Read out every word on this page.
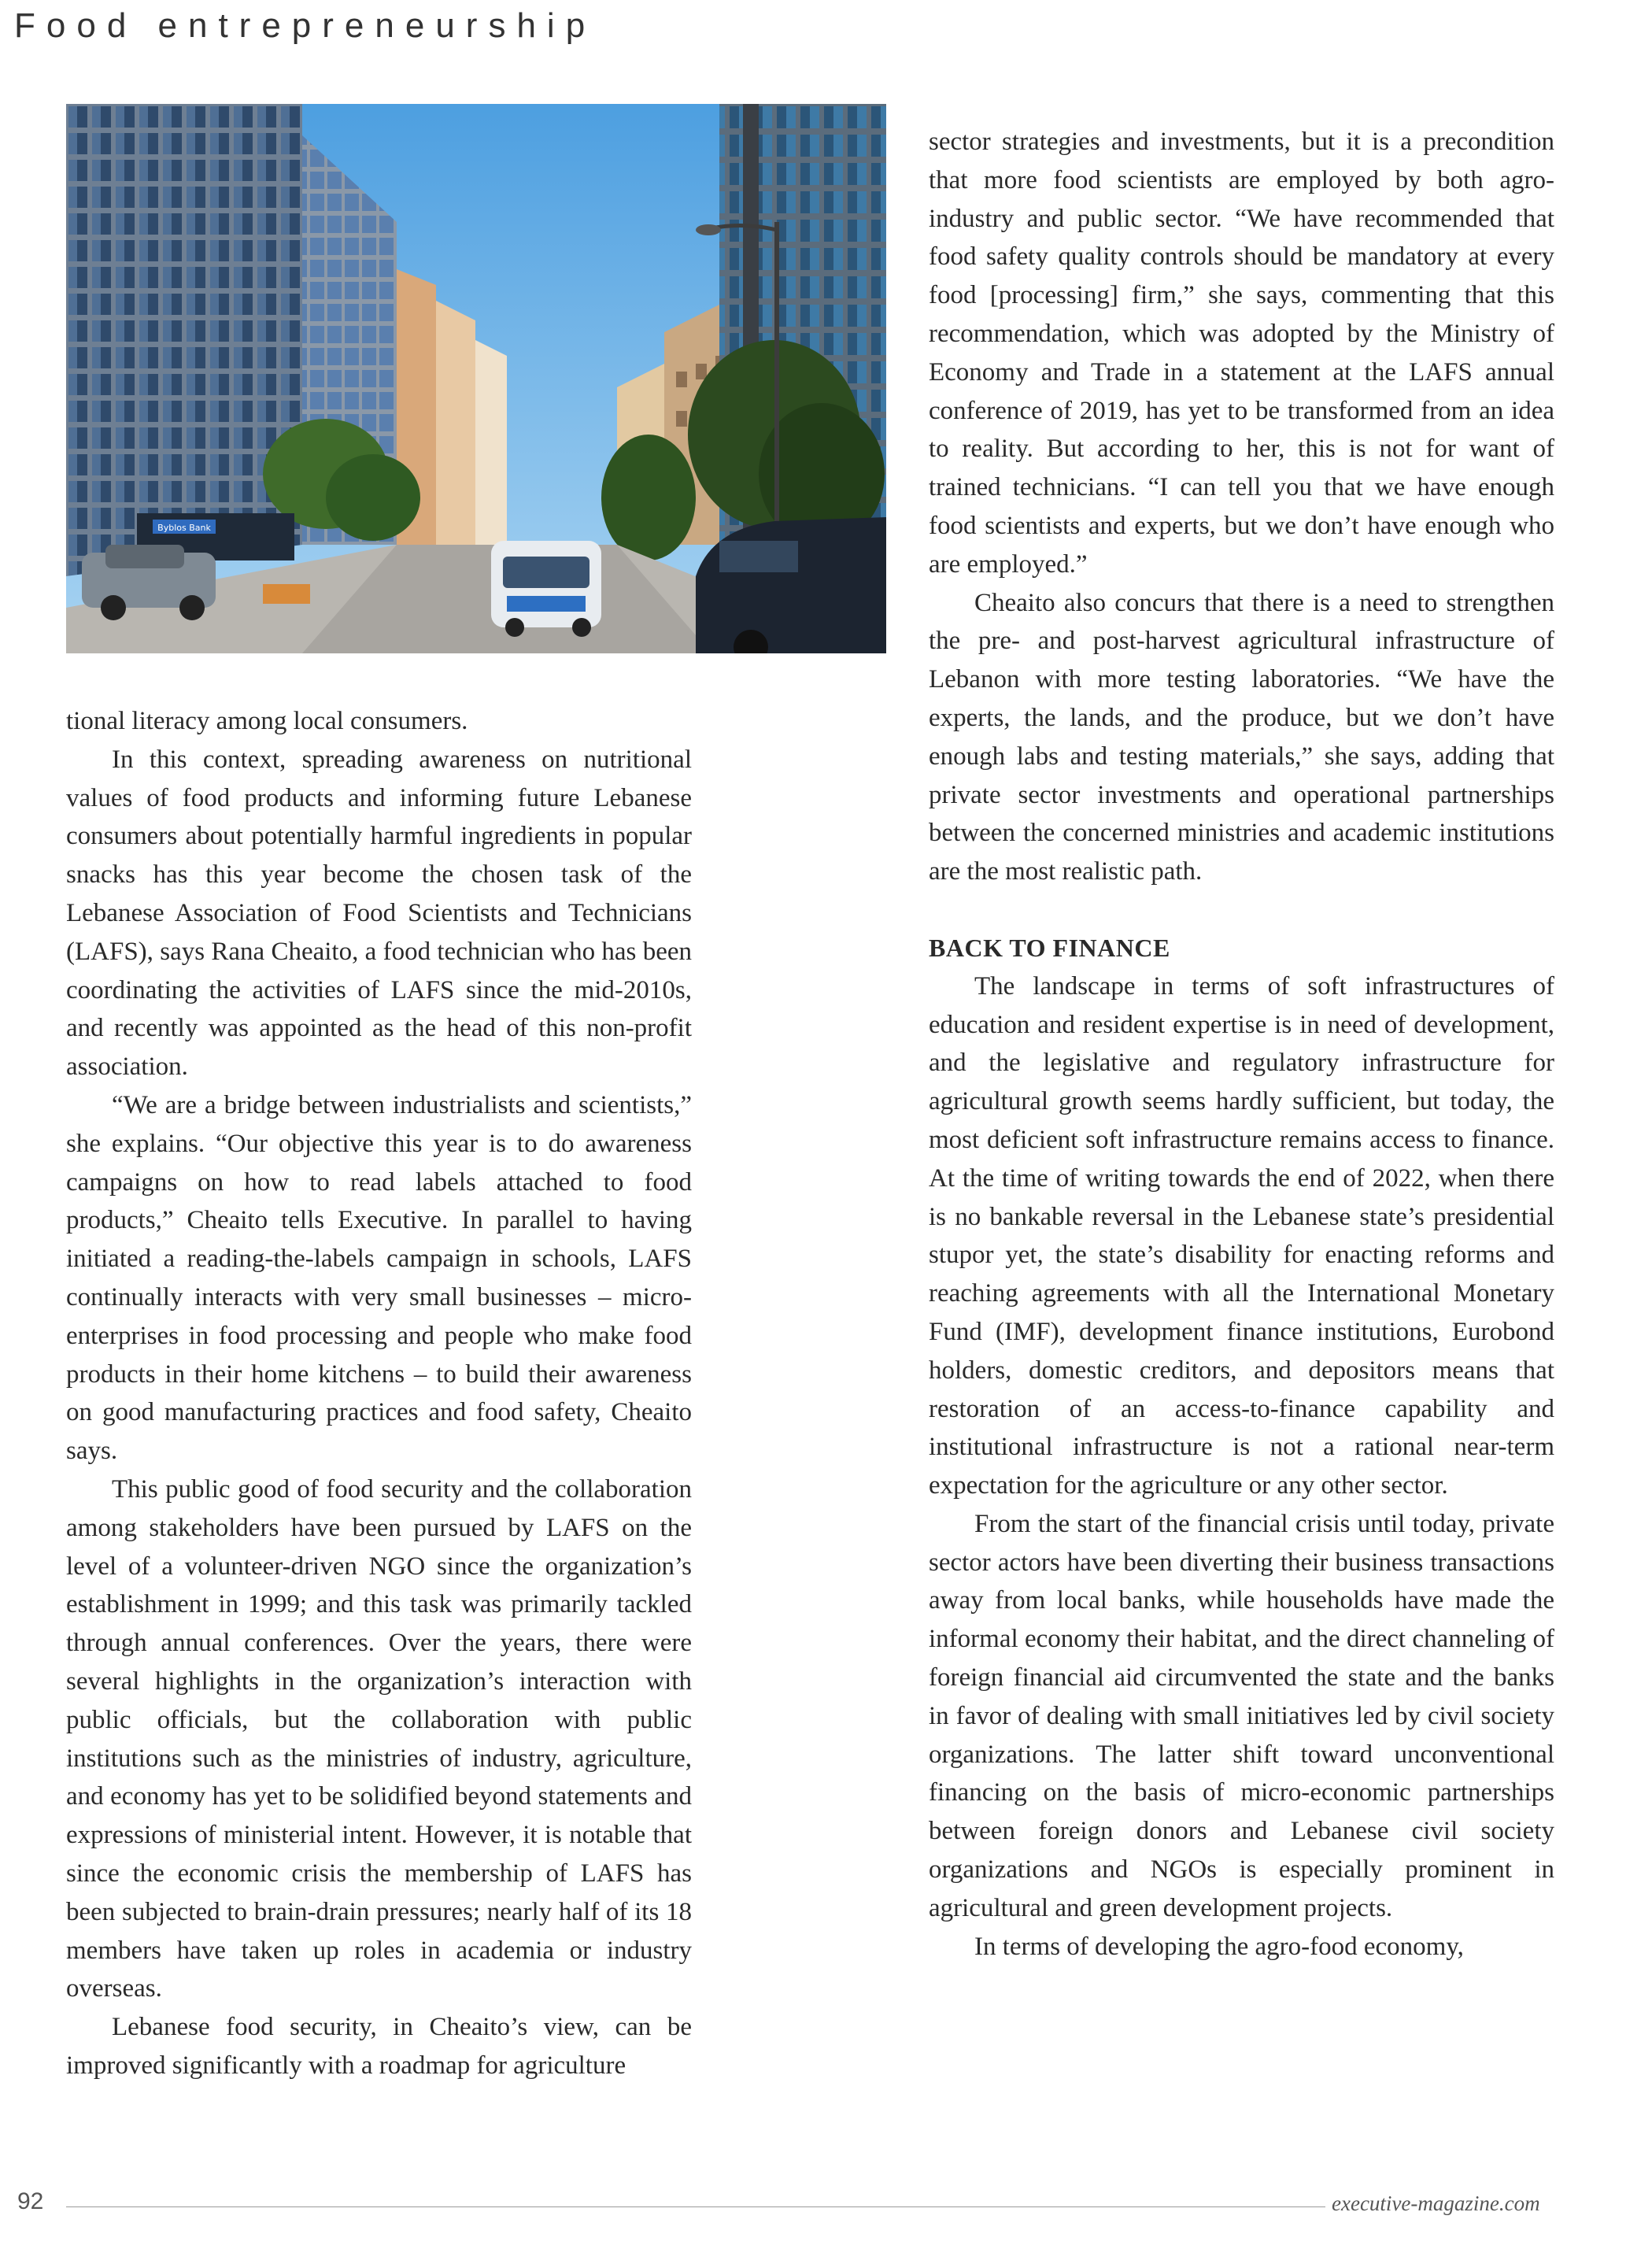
Food entrepreneurship
Byblos Bank

tional literacy among local consumers.

In this context, spreading awareness on nutritional values of food products and informing future Lebanese consumers about potentially harmful ingredients in popular snacks has this year become the chosen task of the Lebanese Association of Food Scientists and Technicians (LAFS), says Rana Cheaito, a food technician who has been coordinating the activities of LAFS since the mid-2010s, and recently was appointed as the head of this non-profit association.

“We are a bridge between industrialists and scientists,” she explains. “Our objective this year is to do awareness campaigns on how to read labels attached to food products,” Cheaito tells Executive. In parallel to having initiated a reading-the-labels campaign in schools, LAFS continually interacts with very small businesses – micro-enterprises in food processing and people who make food products in their home kitchens – to build their awareness on good manufacturing practices and food safety, Cheaito says.

This public good of food security and the collaboration among stakeholders have been pursued by LAFS on the level of a volunteer-driven NGO since the organization’s establishment in 1999; and this task was primarily tackled through annual conferences. Over the years, there were several highlights in the organization’s interaction with public officials, but the collaboration with public institutions such as the ministries of industry, agriculture, and economy has yet to be solidified beyond statements and expressions of ministerial intent. However, it is notable that since the economic crisis the membership of LAFS has been subjected to brain-drain pressures; nearly half of its 18 members have taken up roles in academia or industry overseas.

Lebanese food security, in Cheaito’s view, can be improved significantly with a roadmap for agriculture

sector strategies and investments, but it is a precondition that more food scientists are employed by both agro-industry and public sector. “We have recommended that food safety quality controls should be mandatory at every food [processing] firm,” she says, commenting that this recommendation, which was adopted by the Ministry of Economy and Trade in a statement at the LAFS annual conference of 2019, has yet to be transformed from an idea to reality. But according to her, this is not for want of trained technicians. “I can tell you that we have enough food scientists and experts, but we don’t have enough who are employed.”

Cheaito also concurs that there is a need to strengthen the pre- and post-harvest agricultural infrastructure of Lebanon with more testing laboratories. “We have the experts, the lands, and the produce, but we don’t have enough labs and testing materials,” she says, adding that private sector investments and operational partnerships between the concerned ministries and academic institutions are the most realistic path.

BACK TO FINANCE

The landscape in terms of soft infrastructures of education and resident expertise is in need of development, and the legislative and regulatory infrastructure for agricultural growth seems hardly sufficient, but today, the most deficient soft infrastructure remains access to finance. At the time of writing towards the end of 2022, when there is no bankable reversal in the Lebanese state’s presidential stupor yet, the state’s disability for enacting reforms and reaching agreements with all the International Monetary Fund (IMF), development finance institutions, Eurobond holders, domestic creditors, and depositors means that restoration of an access-to-finance capability and institutional infrastructure is not a rational near-term expectation for the agriculture or any other sector.

From the start of the financial crisis until today, private sector actors have been diverting their business transactions away from local banks, while households have made the informal economy their habitat, and the direct channeling of foreign financial aid circumvented the state and the banks in favor of dealing with small initiatives led by civil society organizations. The latter shift toward unconventional financing on the basis of micro-economic partnerships between foreign donors and Lebanese civil society organizations and NGOs is especially prominent in agricultural and green development projects.

In terms of developing the agro-food economy,

92	executive-magazine.com
